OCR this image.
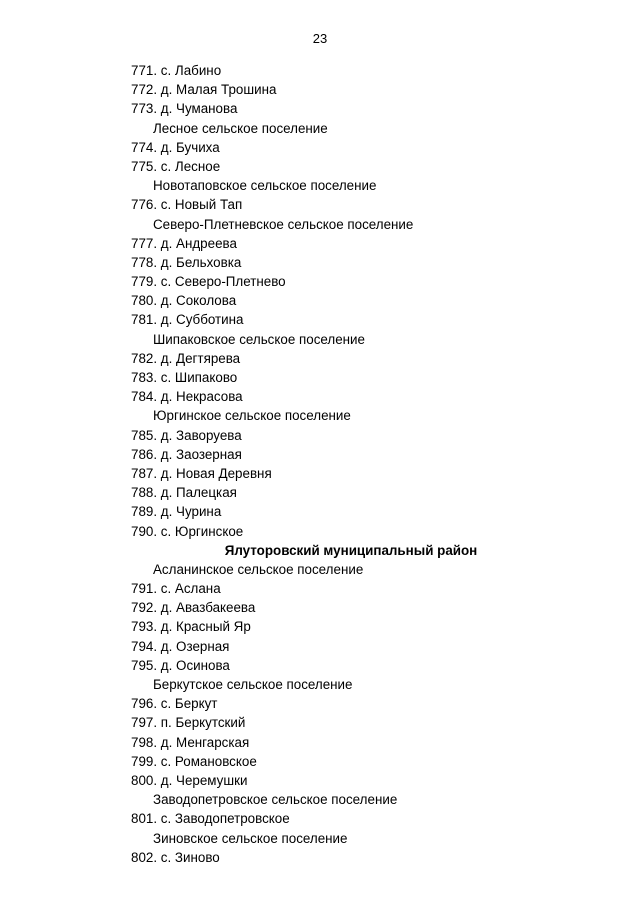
23
771. с. Лабино
772. д. Малая Трошина
773. д. Чуманова
Лесное сельское поселение
774. д. Бучиха
775. с. Лесное
Новотаповское сельское поселение
776. с. Новый Тап
Северо-Плетневское сельское поселение
777. д. Андреева
778. д. Бельховка
779. с. Северо-Плетнево
780. д. Соколова
781. д. Субботина
Шипаковское сельское поселение
782. д. Дегтярева
783. с. Шипаково
784. д. Некрасова
Юргинское сельское поселение
785. д. Заворуева
786. д. Заозерная
787. д. Новая Деревня
788. д. Палецкая
789. д. Чурина
790. с. Юргинское
Ялуторовский муниципальный район
Асланинское сельское поселение
791. с. Аслана
792. д. Авазбакеева
793. д. Красный Яр
794. д. Озерная
795. д. Осинова
Беркутское сельское поселение
796. с. Беркут
797. п. Беркутский
798. д. Менгарская
799. с. Романовское
800. д. Черемушки
Заводопетровское сельское поселение
801. с. Заводопетровское
Зиновское сельское поселение
802. с. Зиново
